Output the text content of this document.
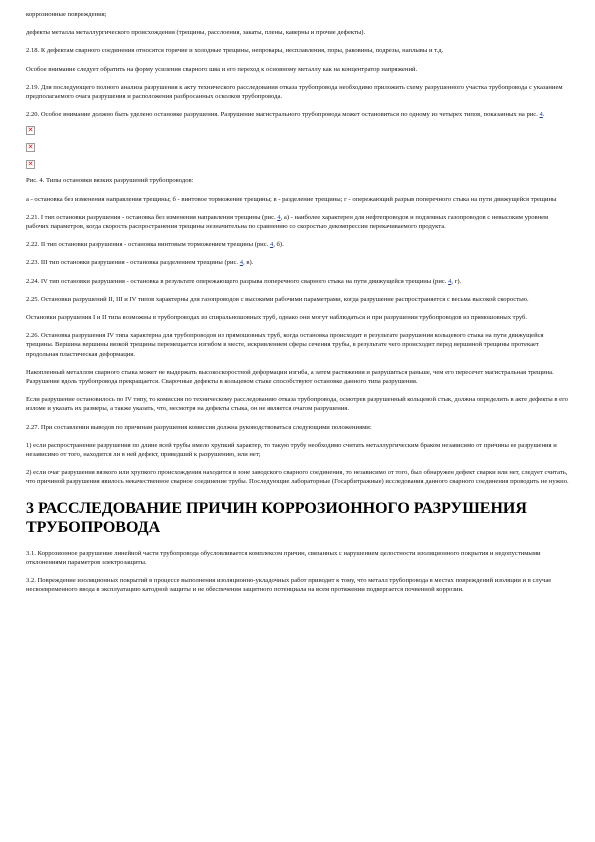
коррозионные повреждения;

дефекты металла металлургического происхождения (трещины, расслоения, закаты, плены, каверны и прочие дефекты).

2.18. К дефектам сварного соединения относятся горячие и холодные трещины, непровары, несплавления, поры, раковины, подрезы, наплывы и т.д.

Особое внимание следует обратить на форму усиления сварного шва и его переход к основному металлу как на концентратор напряжений.

2.19. Для последующего полного анализа разрушения к акту технического расследования отказа трубопровода необходимо приложить схему разрушенного участка трубопровода с указанием предполагаемого очага разрушения и расположения разбросанных осколков трубопровода.

2.20. Особое внимание должно быть уделено остановке разрушения. Разрушение магистрального трубопровода может остановиться по одному из четырех типов, показанных на рис. 4.

✕
✕
✕

Рис. 4. Типы остановки вязких разрушений трубопроводов:

а - остановка без изменения направления трещины; б - винтовое торможение трещины; в - разделение трещины; г - опережающий разрыв поперечного стыка на пути движущейся трещины

2.21. I тип остановки разрушения - остановка без изменения направления трещины (рис. 4, а) - наиболее характерен для нефтепроводов и подземных газопроводов с невысоким уровнем рабочих параметров, когда скорость распространения трещины незначительна по сравнению со скоростью декомпрессии перекачиваемого продукта.

2.22. II тип остановки разрушения - остановка винтовым торможением трещины (рис. 4, б).

2.23. III тип остановки разрушения - остановка разделением трещины (рис. 4, в).

2.24. IV тип остановки разрушения - остановка в результате опережающего разрыва поперечного сварного стыка на пути движущейся трещины (рис. 4, г).

2.25. Остановки разрушений II, III и IV типов характерны для газопроводов с высокими рабочими параметрами, когда разрушение распространяется с весьма высокой скоростью.

Остановки разрушения I и II типа возможны в трубопроводах из спиральношовных труб, однако они могут наблюдаться и при разрушении трубопроводов из прямошовных труб.

2.26. Остановка разрушения IV типа характерна для трубопроводов из прямошовных труб, когда остановка происходит в результате разрушения кольцевого стыка на пути движущейся трещины. Вершина вершины вязкой трещины перемещается изгибом в месте, искривлением сферы сечения трубы, в результате чего происходит перед вершиной трещины протекает продольная пластическая деформация.

Накопленный металлом сварного стыка может не выдержать высокоскоростной деформации изгиба, а затем растяжения и разрушиться раньше, чем его пересечет магистральная трещина. Разрушение вдоль трубопровода прекращается. Сварочные дефекты в кольцевом стыке способствуют остановке данного типа разрушения.

Если разрушение остановилось по IV типу, то комиссия по техническому расследованию отказа трубопровода, осмотрев разрушенный кольцевой стык, должна определить в акте дефекты в его изломе и указать их размеры, а также указать, что, несмотря на дефекты стыка, он не является очагом разрушения.

2.27. При составлении выводов по причинам разрушения комиссия должна руководствоваться следующими положениями:

1) если распространение разрушения по длине всей трубы имело хрупкий характер, то такую трубу необходимо считать металлургическим браком независимо от причины ее разрушения и независимо от того, находится ли в ней дефект, приведший к разрушению, или нет;

2) если очаг разрушения вязкого или хрупкого происхождения находится в зоне заводского сварного соединения, то независимо от того, был обнаружен дефект сварки или нет, следует считать, что причиной разрушения явилось некачественное сварное соединение трубы. Последующие лабораторные (Госарбитражные) исследования данного сварного соединения проводить не нужно.

3 РАССЛЕДОВАНИЕ ПРИЧИН КОРРОЗИОННОГО РАЗРУШЕНИЯ ТРУБОПРОВОДА

3.1. Коррозионное разрушение линейной части трубопровода обусловливается комплексом причин, связанных с нарушением целостности изоляционного покрытия и недопустимыми отклонениями параметров электрозащиты.

3.2. Повреждение изоляционных покрытий в процессе выполнения изоляционно-укладочных работ приводит к тому, что металл трубопровода в местах повреждений изоляции и в случае несвоевременного ввода в эксплуатацию катодной защиты и не обеспечения защитного потенциала на всем протяжении подвергается почвенной коррозии.
